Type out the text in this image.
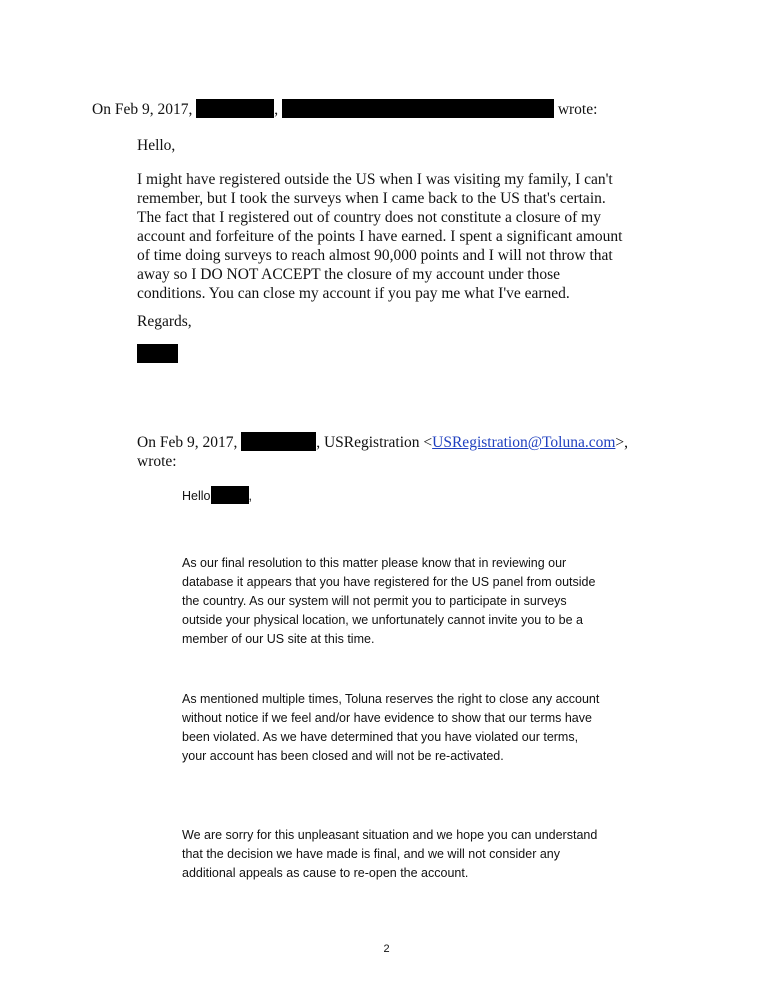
On Feb 9, 2017,	,	wrote:

Hello,

I might have registered outside the US when I was visiting my family, I can't remember, but I took the surveys when I came back to the US that's certain. The fact that I registered out of country does not constitute a closure of my account and forfeiture of the points I have earned. I spent a significant amount of time doing surveys to reach almost 90,000 points and I will not throw that away so I DO NOT ACCEPT the closure of my account under those conditions. You can close my account if you pay me what I've earned.

Regards,

On Feb 9, 2017,	, USRegistration <USRegistration@Toluna.com>,

wrote:

Hello	,

As our final resolution to this matter please know that in reviewing our database it appears that you have registered for the US panel from outside the country. As our system will not permit you to participate in surveys outside your physical location, we unfortunately cannot invite you to be a member of our US site at this time.

As mentioned multiple times, Toluna reserves the right to close any account without notice if we feel and/or have evidence to show that our terms have been violated. As we have determined that you have violated our terms, your account has been closed and will not be re-activated.

We are sorry for this unpleasant situation and we hope you can understand that the decision we have made is final, and we will not consider any additional appeals as cause to re-open the account.

2
